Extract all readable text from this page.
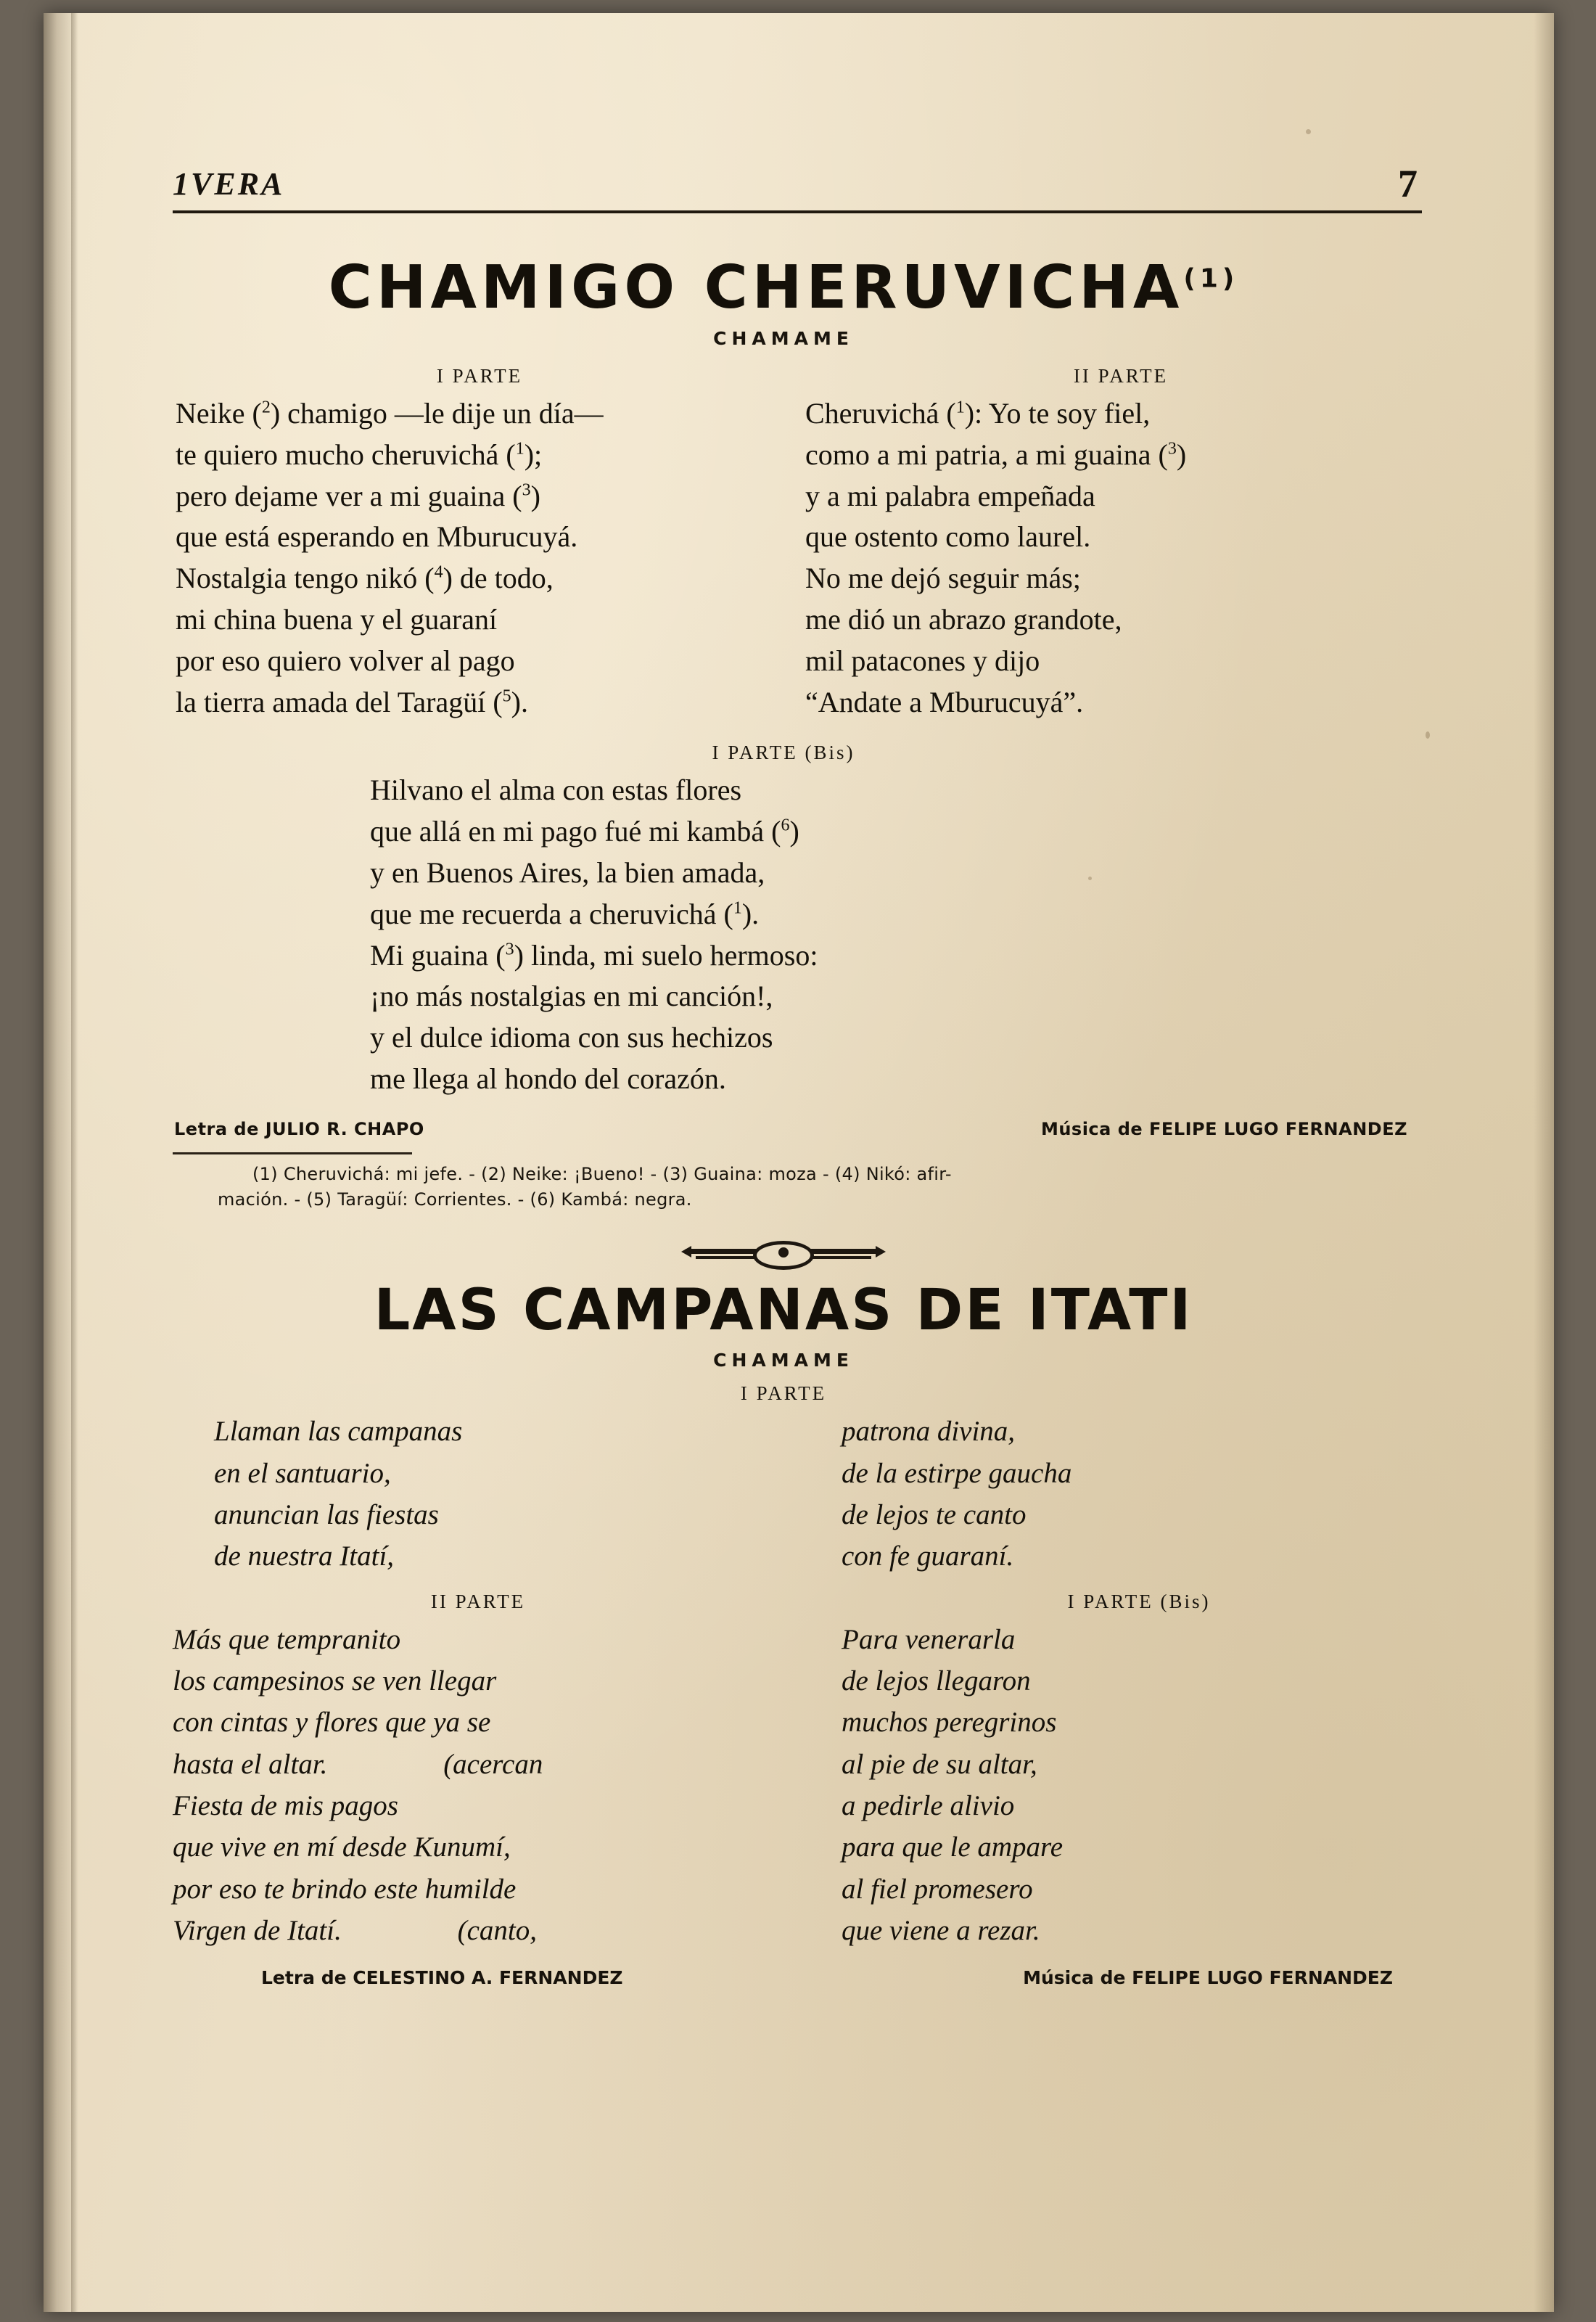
1VERA	7
CHAMIGO CHERUVICHA$^{(1)}$
CHAMAME
I PARTE
Neike ($^2$) chamigo —le dije un día—
te quiero mucho cheruvichá ($^1$);
pero dejame ver a mi guaina ($^3$)
que está esperando en Mburucuyá.
Nostalgia tengo nikó ($^4$) de todo,
mi china buena y el guaraní
por eso quiero volver al pago
la tierra amada del Taragüí ($^5$).
II PARTE
Cheruvichá ($^1$): Yo te soy fiel,
como a mi patria, a mi guaina ($^3$)
y a mi palabra empeñada
que ostento como laurel.
No me dejó seguir más;
me dió un abrazo grandote,
mil patacones y dijo
“Andate a Mburucuyá”.
I PARTE (Bis)
Hilvano el alma con estas flores
que allá en mi pago fué mi kambá ($^6$)
y en Buenos Aires, la bien amada,
que me recuerda a cheruvichá ($^1$).
Mi guaina ($^3$) linda, mi suelo hermoso:
¡no más nostalgias en mi canción!,
y el dulce idioma con sus hechizos
me llega al hondo del corazón.
Letra de JULIO R. CHAPO	Música de FELIPE LUGO FERNANDEZ
(1) Cheruvichá: mi jefe. - (2) Neike: ¡Bueno! - (3) Guaina: moza - (4) Nikó: afir-
mación. - (5) Taragüí: Corrientes. - (6) Kambá: negra.
LAS CAMPANAS DE ITATI
CHAMAME
I PARTE
Llaman las campanas
en el santuario,
anuncian las fiestas
de nuestra Itatí,
patrona divina,
de la estirpe gaucha
de lejos te canto
con fe guaraní.
II PARTE
Más que tempranito
los campesinos se ven llegar
con cintas y flores que ya se
hasta el altar.	(acercan
Fiesta de mis pagos
que vive en mí desde Kunumí,
por eso te brindo este humilde
Virgen de Itatí.	(canto,
I PARTE (Bis)
Para venerarla
de lejos llegaron
muchos peregrinos
al pie de su altar,
a pedirle alivio
para que le ampare
al fiel promesero
que viene a rezar.
Letra de CELESTINO A. FERNANDEZ	Música de FELIPE LUGO FERNANDEZ
